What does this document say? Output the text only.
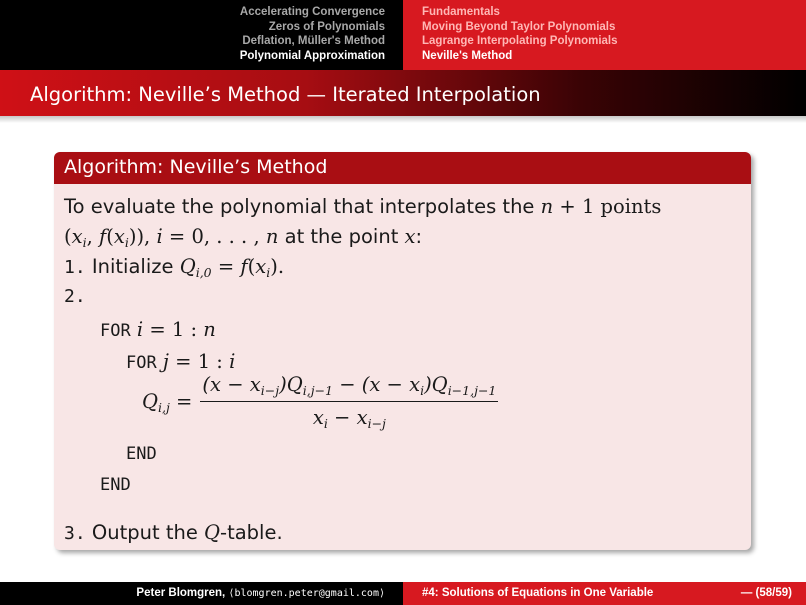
Accelerating Convergence
Zeros of Polynomials
Deflation, Müller's Method
Polynomial Approximation
Fundamentals
Moving Beyond Taylor Polynomials
Lagrange Interpolating Polynomials
Neville's Method
Algorithm: Neville’s Method — Iterated Interpolation
Algorithm: Neville’s Method
To evaluate the polynomial that interpolates the n + 1 points
($x_i$, $f(x_i)$), i = 0, . . . , n at the point x:
1. Initialize $Q_{i,0} = f(x_i)$.
2.
FOR i = 1 : n
FOR j = 1 : i
$Q_{i,j} = \frac{(x - x_{i-j})Q_{i,j-1} - (x - x_i)Q_{i-1,j-1}}{x_i - x_{i-j}}$
END
END
3. Output the Q-table.
Peter Blomgren, ⟨blomgren.peter@gmail.com⟩	#4: Solutions of Equations in One Variable	— (58/59)
